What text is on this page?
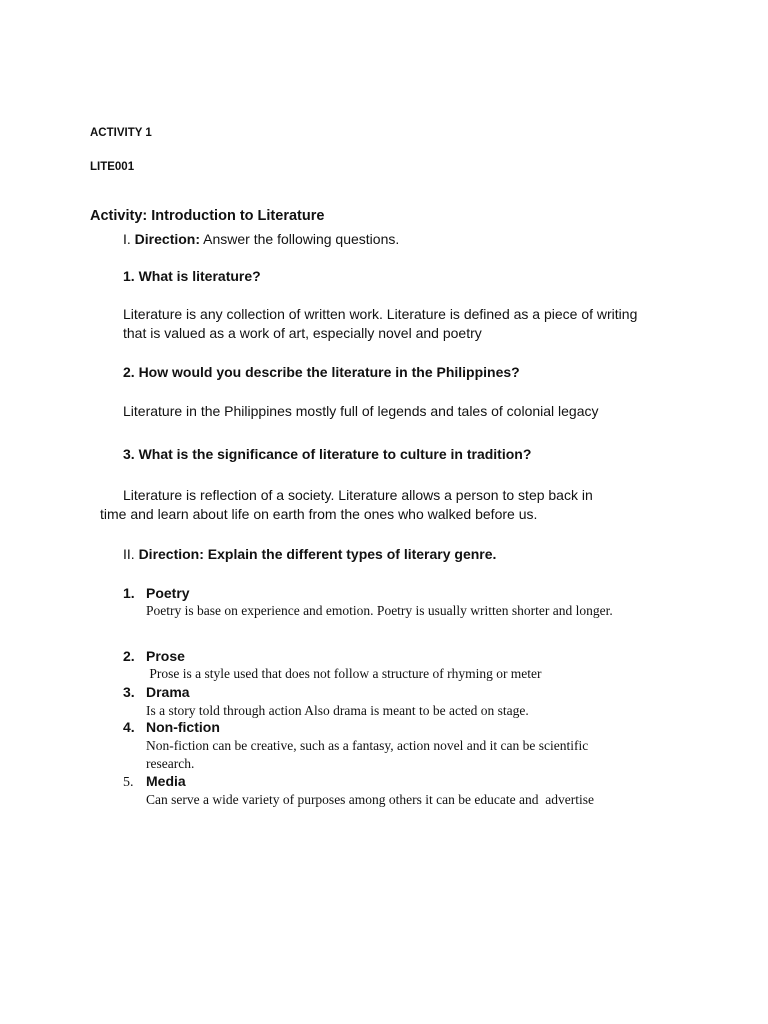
ACTIVITY 1
LITE001
Activity: Introduction to Literature
I. Direction: Answer the following questions.
1. What is literature?
Literature is any collection of written work. Literature is defined as a piece of writing
that is valued as a work of art, especially novel and poetry
2. How would you describe the literature in the Philippines?
Literature in the Philippines mostly full of legends and tales of colonial legacy
3. What is the significance of literature to culture in tradition?
Literature is reflection of a society. Literature allows a person to step back in
time and learn about life on earth from the ones who walked before us.
II. Direction: Explain the different types of literary genre.
1. Poetry
Poetry is base on experience and emotion. Poetry is usually written shorter and longer.
2. Prose
Prose is a style used that does not follow a structure of rhyming or meter
3. Drama
Is a story told through action Also drama is meant to be acted on stage.
4. Non-fiction
Non-fiction can be creative, such as a fantasy, action novel and it can be scientific
research.
5. Media
Can serve a wide variety of purposes among others it can be educate and  advertise
